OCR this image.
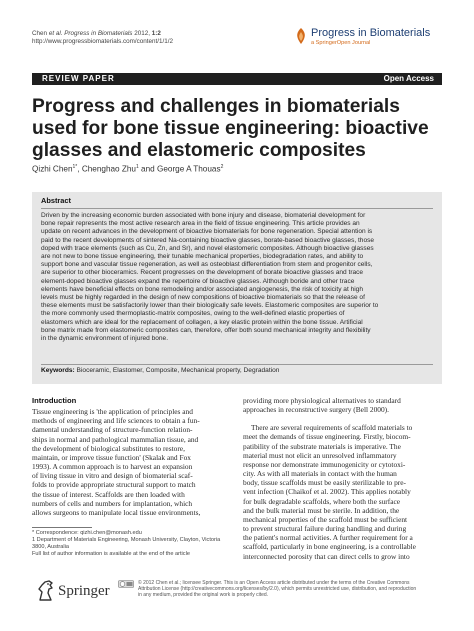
Chen et al. Progress in Biomaterials 2012, 1:2
http://www.progressbiomaterials.com/content/1/1/2
Progress in Biomaterials
a SpringerOpen Journal
REVIEW PAPER	Open Access
Progress and challenges in biomaterials used for bone tissue engineering: bioactive glasses and elastomeric composites
Qizhi Chen$^{1*}$, Chenghao Zhu$^1$ and George A Thouas$^2$
Abstract
Driven by the increasing economic burden associated with bone injury and disease, biomaterial development for
bone repair represents the most active research area in the field of tissue engineering. This article provides an
update on recent advances in the development of bioactive biomaterials for bone regeneration. Special attention is
paid to the recent developments of sintered Na-containing bioactive glasses, borate-based bioactive glasses, those
doped with trace elements (such as Cu, Zn, and Sr), and novel elastomeric composites. Although bioactive glasses
are not new to bone tissue engineering, their tunable mechanical properties, biodegradation rates, and ability to
support bone and vascular tissue regeneration, as well as osteoblast differentiation from stem and progenitor cells,
are superior to other bioceramics. Recent progresses on the development of borate bioactive glasses and trace
element-doped bioactive glasses expand the repertoire of bioactive glasses. Although boride and other trace
elements have beneficial effects on bone remodeling and/or associated angiogenesis, the risk of toxicity at high
levels must be highly regarded in the design of new compositions of bioactive biomaterials so that the release of
these elements must be satisfactorily lower than their biologically safe levels. Elastomeric composites are superior to
the more commonly used thermoplastic-matrix composites, owing to the well-defined elastic properties of
elastomers which are ideal for the replacement of collagen, a key elastic protein within the bone tissue. Artificial
bone matrix made from elastomeric composites can, therefore, offer both sound mechanical integrity and flexibility
in the dynamic environment of injured bone.
Keywords: Bioceramic, Elastomer, Composite, Mechanical property, Degradation
Introduction
Tissue engineering is 'the application of principles and
methods of engineering and life sciences to obtain a fun-
damental understanding of structure-function relation-
ships in normal and pathological mammalian tissue, and
the development of biological substitutes to restore,
maintain, or improve tissue function' (Skalak and Fox
1993). A common approach is to harvest an expansion
of living tissue in vitro and design of biomaterial scaf-
folds to provide appropriate structural support to match
the tissue of interest. Scaffolds are then loaded with
numbers of cells and numbers for implantation, which
allows surgeons to manipulate local tissue environments,
* Correspondence: qizhi.chen@monash.edu
1 Department of Materials Engineering, Monash University, Clayton, Victoria
3800, Australia
Full list of author information is available at the end of the article
providing more physiological alternatives to standard
approaches in reconstructive surgery (Bell 2000).
There are several requirements of scaffold materials to
meet the demands of tissue engineering. Firstly, biocom-
patibility of the substrate materials is imperative. The
material must not elicit an unresolved inflammatory
response nor demonstrate immunogenicity or cytotoxi-
city. As with all materials in contact with the human
body, tissue scaffolds must be easily sterilizable to pre-
vent infection (Chaikof et al. 2002). This applies notably
for bulk degradable scaffolds, where both the surface
and the bulk material must be sterile. In addition, the
mechanical properties of the scaffold must be sufficient
to prevent structural failure during handling and during
the patient's normal activities. A further requirement for a
scaffold, particularly in bone engineering, is a controllable
interconnected porosity that can direct cells to grow into
Springer	© 2012 Chen et al.; licensee Springer. This is an Open Access article distributed under the terms of the Creative Commons
Attribution License (http://creativecommons.org/licenses/by/2.0), which permits unrestricted use, distribution, and reproduction
in any medium, provided the original work is properly cited.
